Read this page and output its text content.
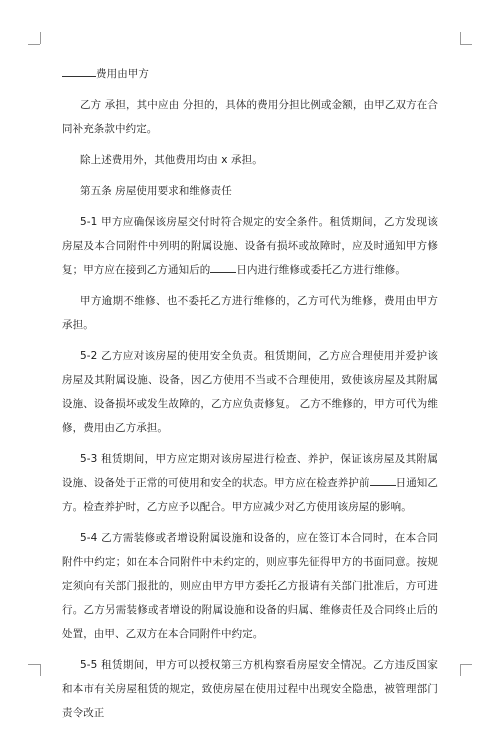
费用由甲方

乙方 承担，其中应由 分担的，具体的费用分担比例或金额，由甲乙双方在合同补充条款中约定。

除上述费用外，其他费用均由 x 承担。

第五条 房屋使用要求和维修责任

5-1 甲方应确保该房屋交付时符合规定的安全条件。租赁期间，乙方发现该房屋及本合同附件中列明的附属设施、设备有损坏或故障时，应及时通知甲方修复；甲方应在接到乙方通知后的 日内进行维修或委托乙方进行维修。

甲方逾期不维修、也不委托乙方进行维修的，乙方可代为维修，费用由甲方承担。

5-2 乙方应对该房屋的使用安全负责。租赁期间，乙方应合理使用并爱护该房屋及其附属设施、设备，因乙方使用不当或不合理使用，致使该房屋及其附属设施、设备损坏或发生故障的，乙方应负责修复。 乙方不维修的，甲方可代为维修，费用由乙方承担。

5-3 租赁期间，甲方应定期对该房屋进行检查、养护，保证该房屋及其附属设施、设备处于正常的可使用和安全的状态。甲方应在检查养护前 日通知乙方。检查养护时，乙方应予以配合。甲方应减少对乙方使用该房屋的影响。

5-4 乙方需装修或者增设附属设施和设备的，应在签订本合同时，在本合同附件中约定；如在本合同附件中未约定的，则应事先征得甲方的书面同意。按规定须向有关部门报批的，则应由甲方甲方委托乙方报请有关部门批准后，方可进行。乙方另需装修或者增设的附属设施和设备的归属、维修责任及合同终止后的处置，由甲、乙双方在本合同附件中约定。

5-5 租赁期间，甲方可以授权第三方机构察看房屋安全情况。乙方违反国家和本市有关房屋租赁的规定，致使房屋在使用过程中出现安全隐患，被管理部门责令改正
